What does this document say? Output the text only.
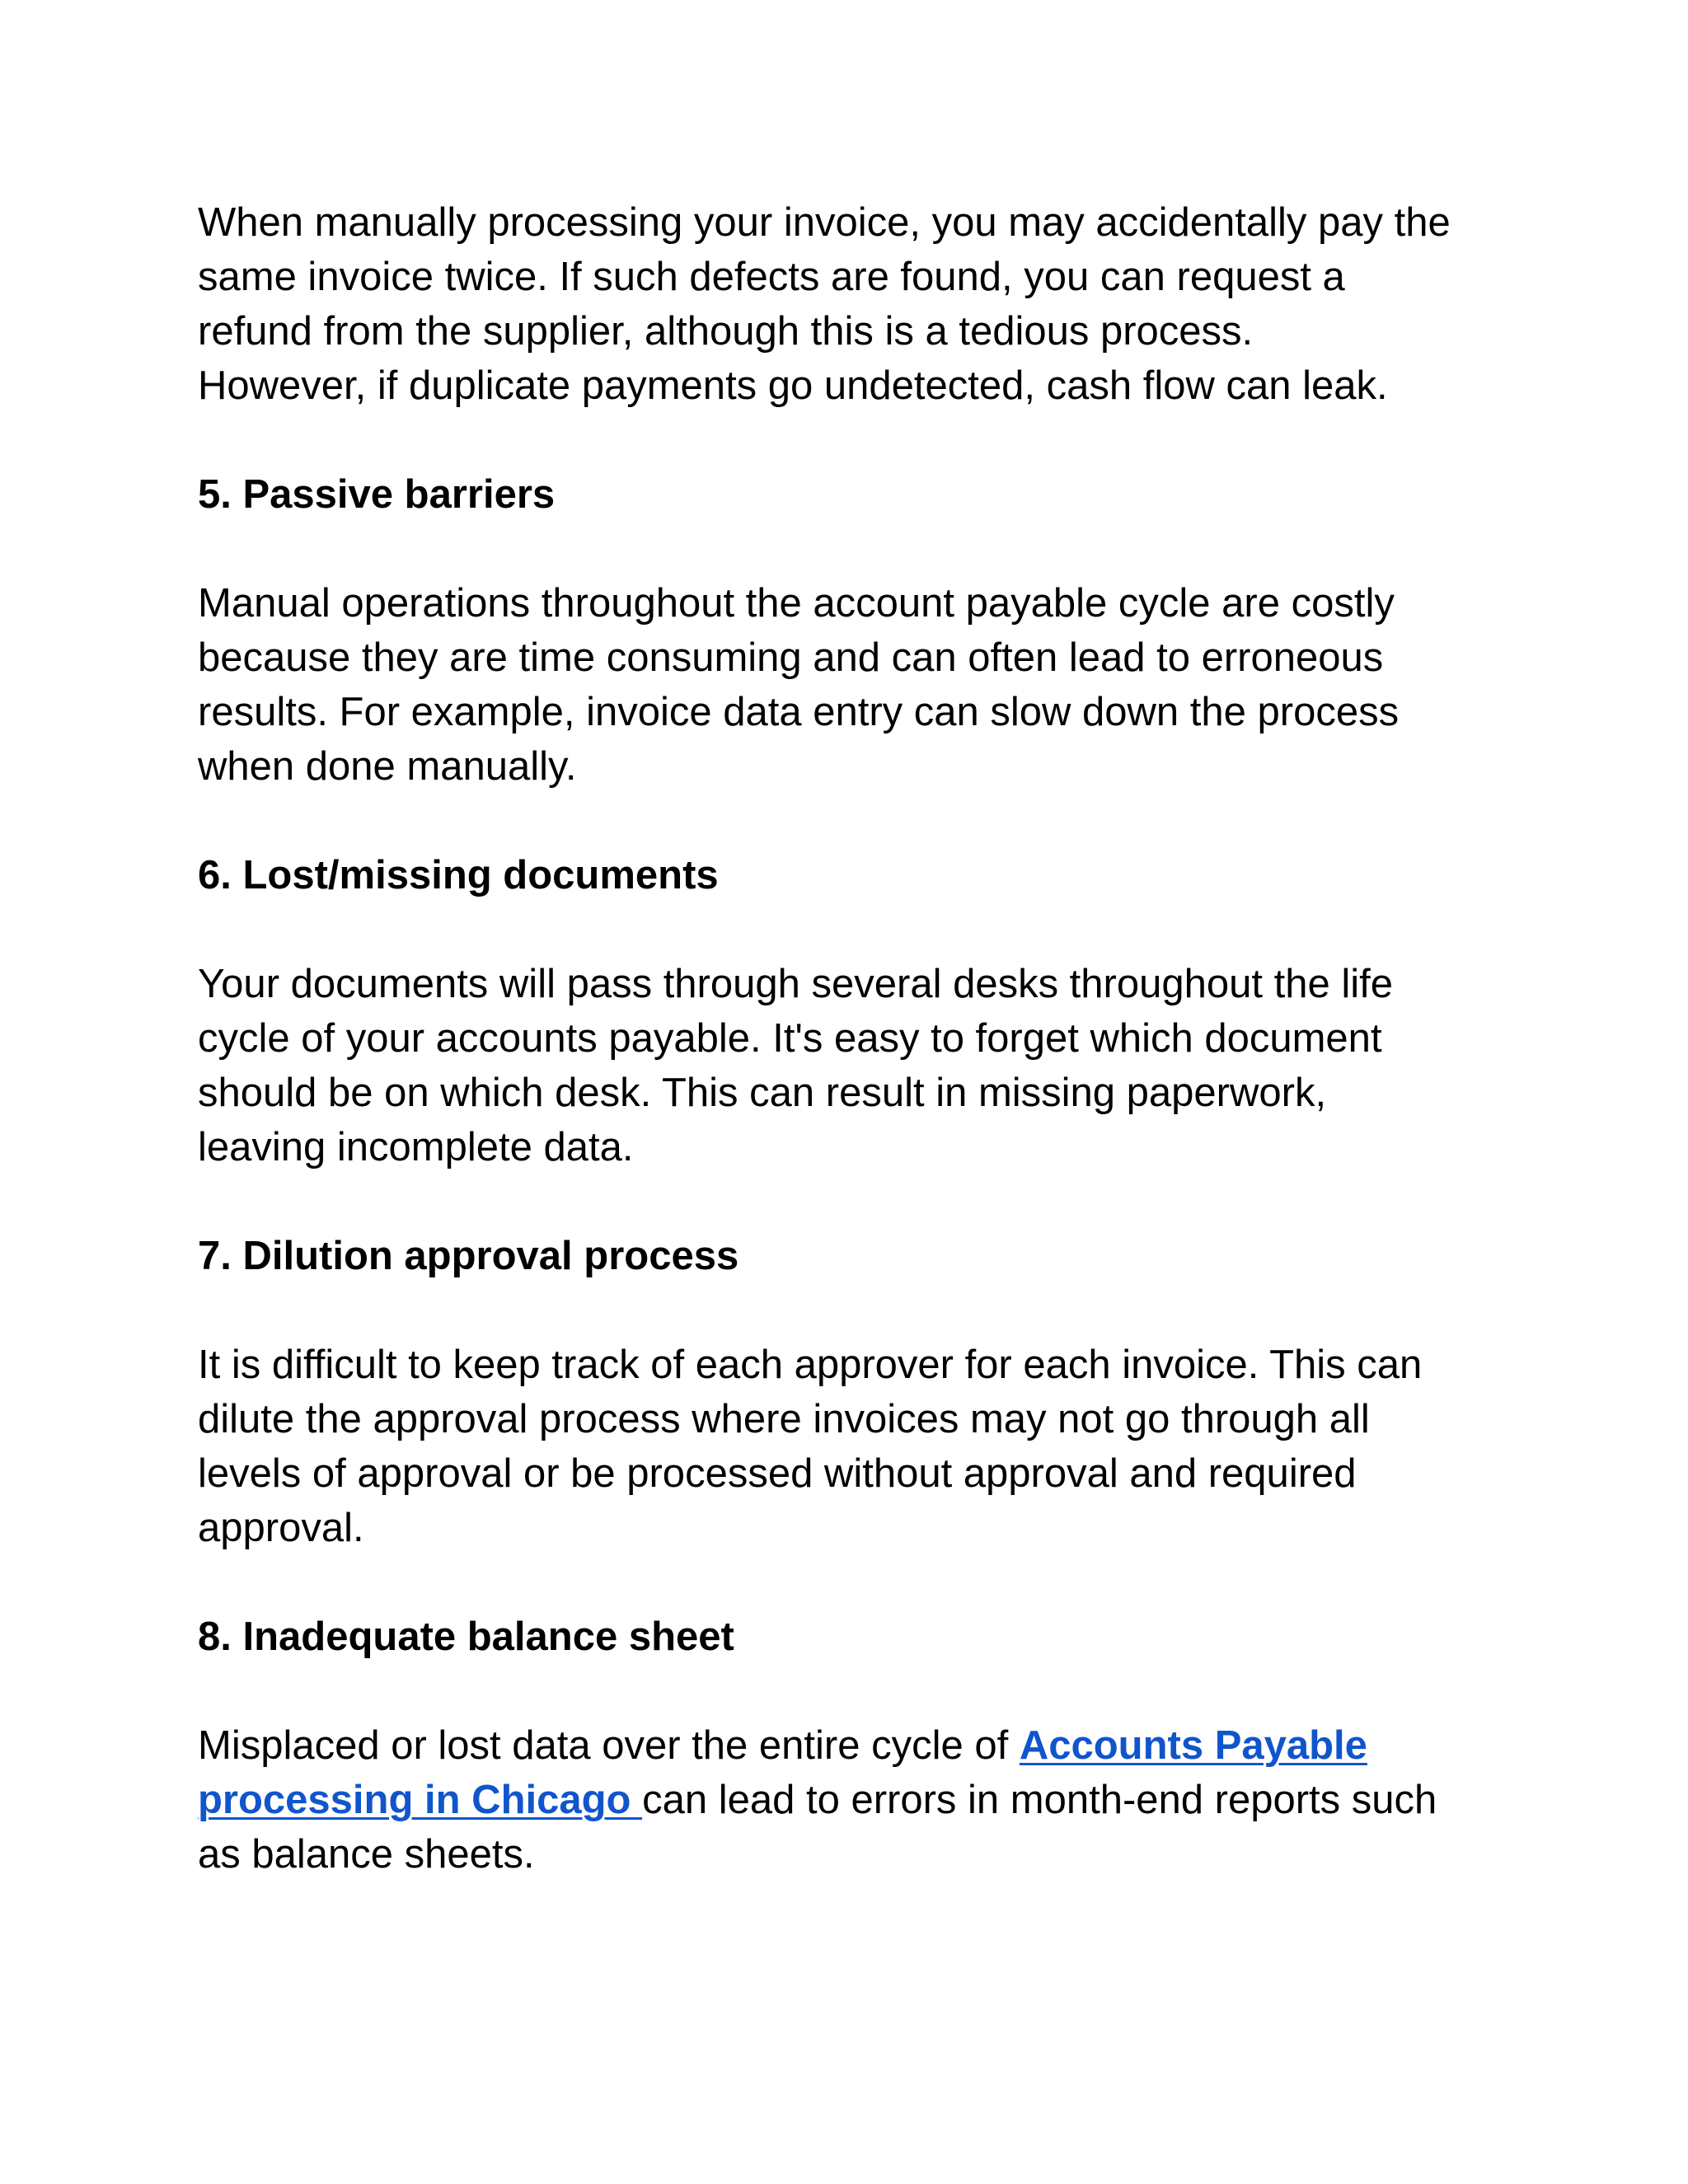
When manually processing your invoice, you may accidentally pay the
same invoice twice. If such defects are found, you can request a
refund from the supplier, although this is a tedious process.
However, if duplicate payments go undetected, cash flow can leak.

5. Passive barriers

Manual operations throughout the account payable cycle are costly
because they are time consuming and can often lead to erroneous
results. For example, invoice data entry can slow down the process
when done manually.

6. Lost/missing documents

Your documents will pass through several desks throughout the life
cycle of your accounts payable. It's easy to forget which document
should be on which desk. This can result in missing paperwork,
leaving incomplete data.

7. Dilution approval process

It is difficult to keep track of each approver for each invoice. This can
dilute the approval process where invoices may not go through all
levels of approval or be processed without approval and required
approval.

8. Inadequate balance sheet

Misplaced or lost data over the entire cycle of Accounts Payable
processing in Chicago can lead to errors in month-end reports such
as balance sheets.
